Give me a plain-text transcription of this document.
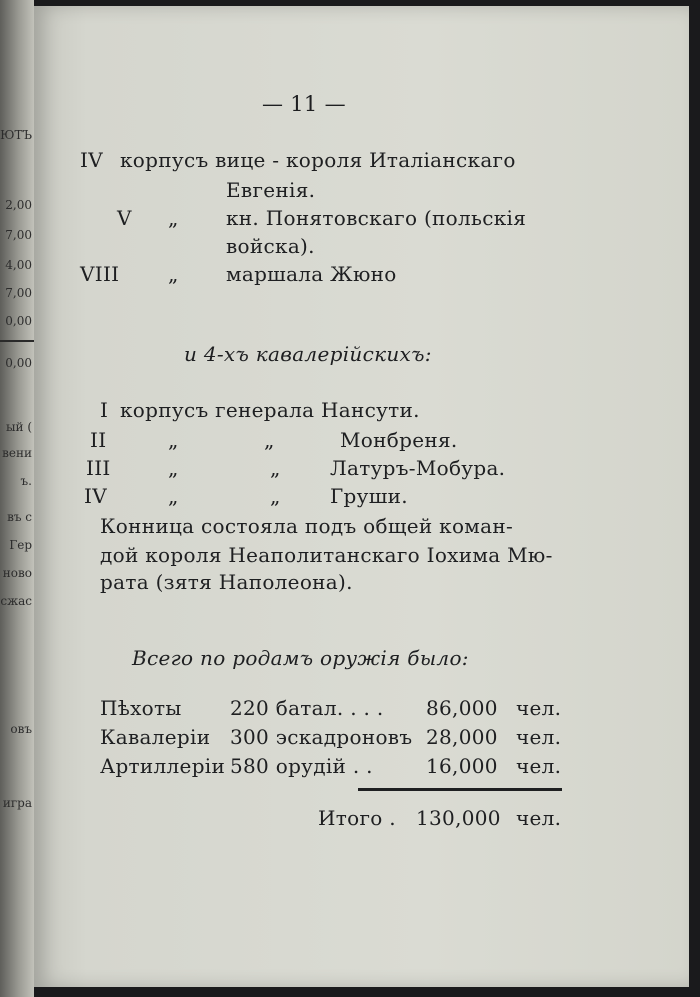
ЮТЪ
2,00
7,00
4,00
7,00
0,00
0,00
ый (
вени
ъ.
въ с
Гер
ново
сжас
овъ
игра
— 11 —
IV корпусъ вице - короля Италіанскаго
Евгенія.
V „ кн. Понятовскаго (польскія
войска).
VIII „ маршала Жюно
и 4-хъ кавалерійскихъ:
I корпусъ генерала Нансути.
II	„	„	Монбреня.
III	„	„ Латуръ-Мобура.
IV	„	„ Груши.
Конница состояла подъ общей коман-
дой короля Неаполитанскаго Іохима Мю-
рата (зятя Наполеона).
Всего по родамъ оружія было:
Пѣхоты 220 батал. . . . 86,000 чел.
Кавалеріи 300 эскадроновъ 28,000 чел.
Артиллеріи 580 орудій . .	16,000 чел.
Итого . 130,000 чел.
